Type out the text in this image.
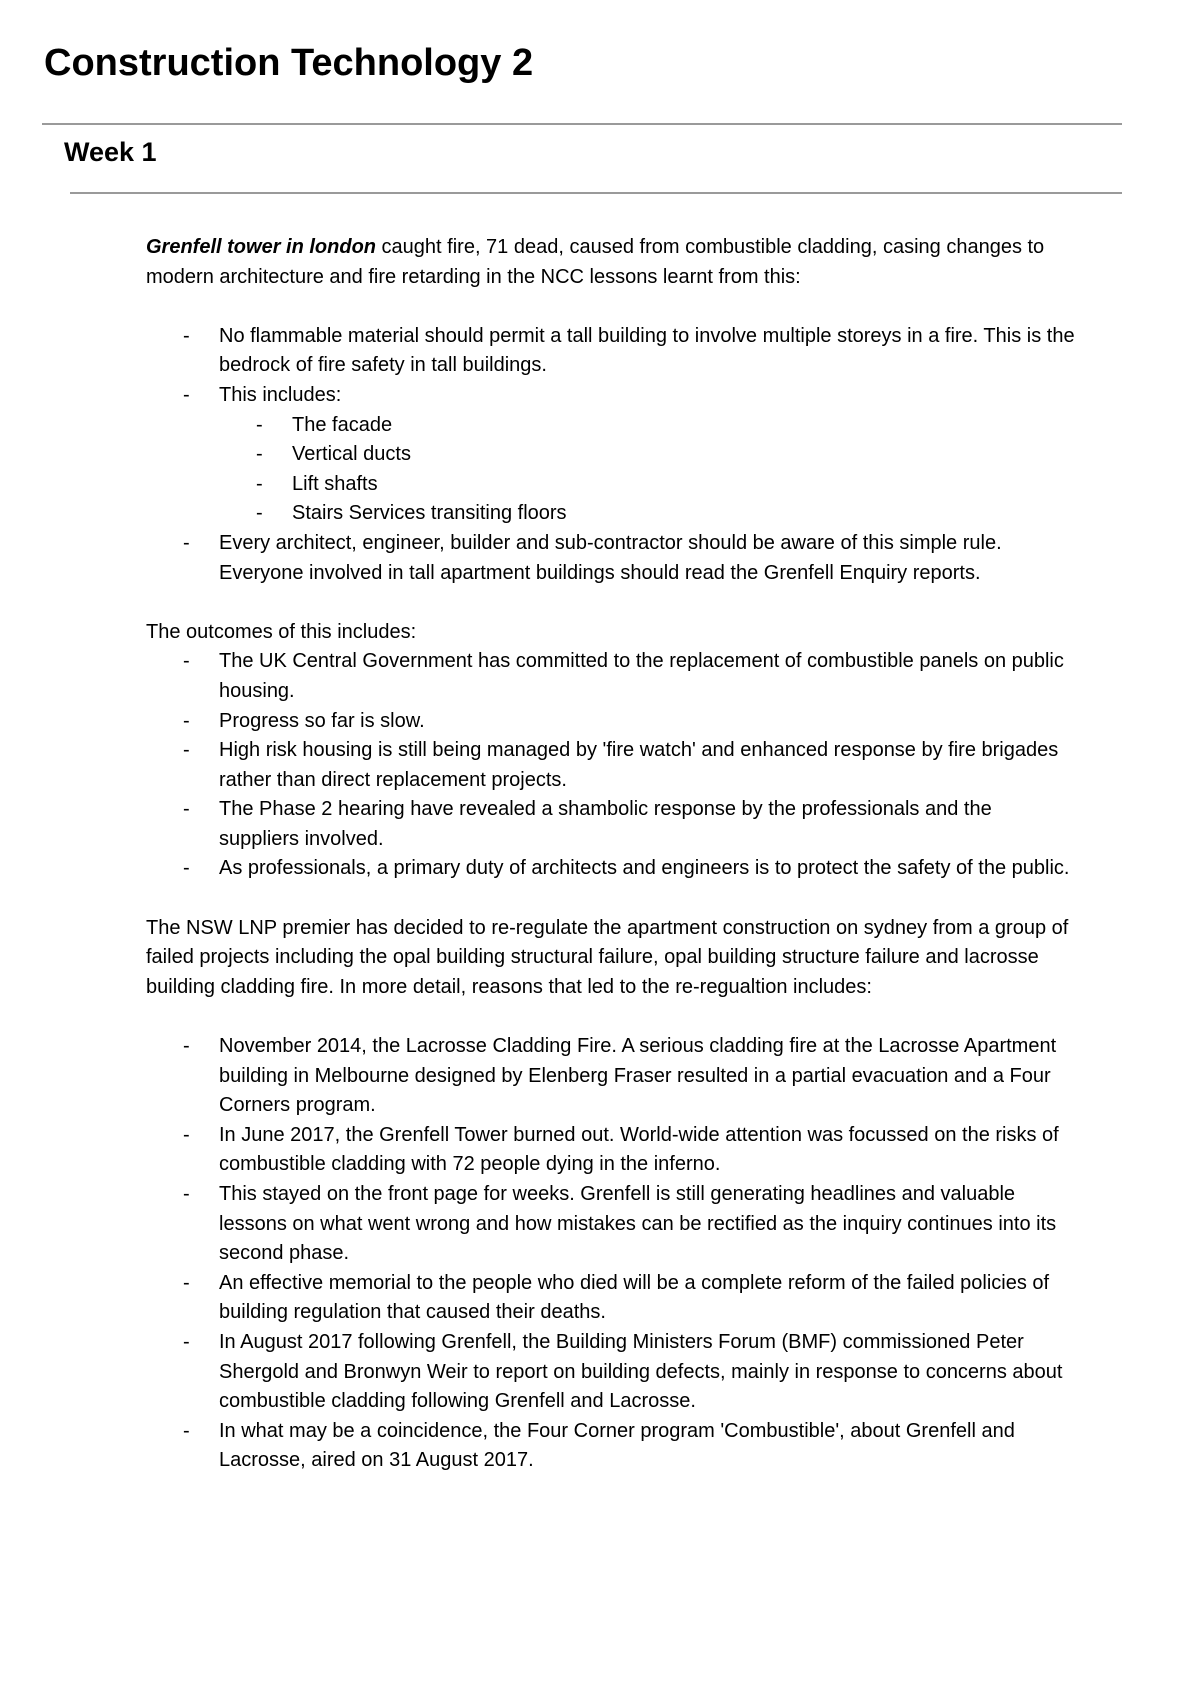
Construction Technology 2
Week 1

Grenfell tower in london caught fire, 71 dead, caused from combustible cladding, casing changes to modern architecture and fire retarding in the NCC lessons learnt from this:

- No flammable material should permit a tall building to involve multiple storeys in a fire. This is the bedrock of fire safety in tall buildings.
- This includes:
- The facade
- Vertical ducts
- Lift shafts
- Stairs Services transiting floors
- Every architect, engineer, builder and sub-contractor should be aware of this simple rule. Everyone involved in tall apartment buildings should read the Grenfell Enquiry reports.

The outcomes of this includes:

- The UK Central Government has committed to the replacement of combustible panels on public housing.
- Progress so far is slow.
- High risk housing is still being managed by 'fire watch' and enhanced response by fire brigades rather than direct replacement projects.
- The Phase 2 hearing have revealed a shambolic response by the professionals and the suppliers involved.
- As professionals, a primary duty of architects and engineers is to protect the safety of the public.

The NSW LNP premier has decided to re-regulate the apartment construction on sydney from a group of failed projects including the opal building structural failure, opal building structure failure and lacrosse building cladding fire. In more detail, reasons that led to the re-regualtion includes:

- November 2014, the Lacrosse Cladding Fire. A serious cladding fire at the Lacrosse Apartment building in Melbourne designed by Elenberg Fraser resulted in a partial evacuation and a Four Corners program.
- In June 2017, the Grenfell Tower burned out. World-wide attention was focussed on the risks of combustible cladding with 72 people dying in the inferno.
- This stayed on the front page for weeks. Grenfell is still generating headlines and valuable lessons on what went wrong and how mistakes can be rectified as the inquiry continues into its second phase.
- An effective memorial to the people who died will be a complete reform of the failed policies of building regulation that caused their deaths.
- In August 2017 following Grenfell, the Building Ministers Forum (BMF) commissioned Peter Shergold and Bronwyn Weir to report on building defects, mainly in response to concerns about combustible cladding following Grenfell and Lacrosse.
- In what may be a coincidence, the Four Corner program 'Combustible', about Grenfell and Lacrosse, aired on 31 August 2017.
